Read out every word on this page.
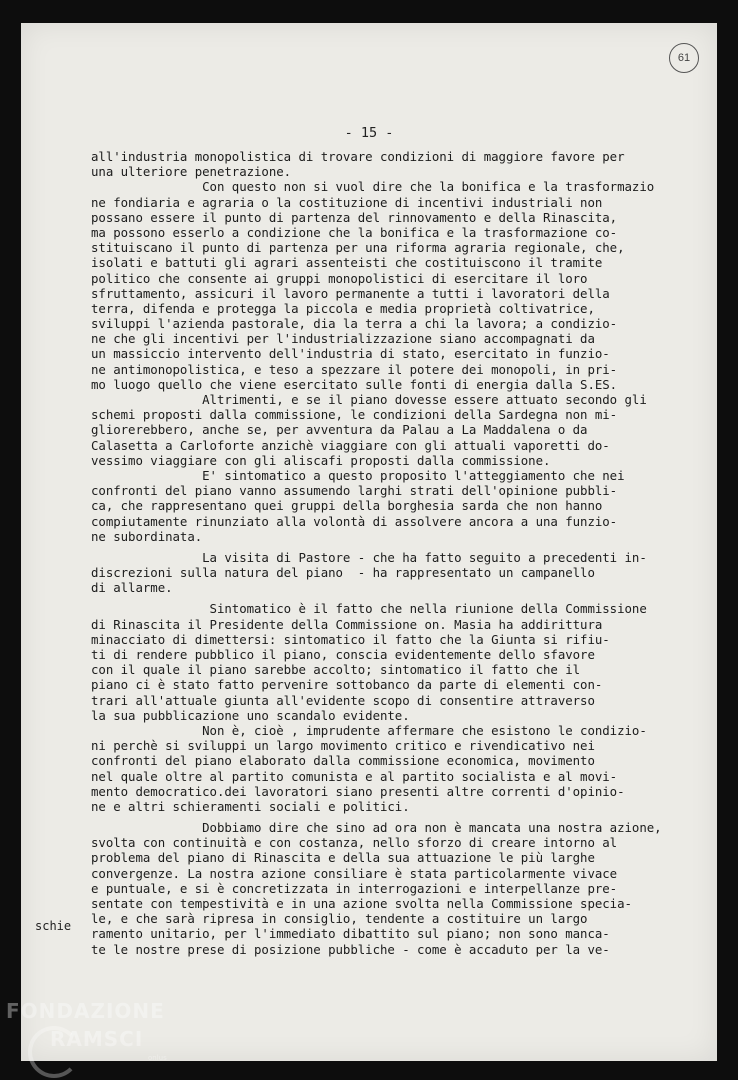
61
- 15 -
all'industria monopolistica di trovare condizioni di maggiore favore per
una ulteriore penetrazione.
Con questo non si vuol dire che la bonifica e la trasformazio
ne fondiaria e agraria o la costituzione di incentivi industriali non
possano essere il punto di partenza del rinnovamento e della Rinascita,
ma possono esserlo a condizione che la bonifica e la trasformazione co-
stituiscano il punto di partenza per una riforma agraria regionale, che,
isolati e battuti gli agrari assenteisti che costituiscono il tramite
politico che consente ai gruppi monopolistici di esercitare il loro
sfruttamento, assicuri il lavoro permanente a tutti i lavoratori della
terra, difenda e protegga la piccola e media proprietà coltivatrice,
sviluppi l'azienda pastorale, dia la terra a chi la lavora; a condizio-
ne che gli incentivi per l'industrializzazione siano accompagnati da
un massiccio intervento dell'industria di stato, esercitato in funzio-
ne antimonopolistica, e teso a spezzare il potere dei monopoli, in pri-
mo luogo quello che viene esercitato sulle fonti di energia dalla S.ES.
Altrimenti, e se il piano dovesse essere attuato secondo gli
schemi proposti dalla commissione, le condizioni della Sardegna non mi-
gliorerebbero, anche se, per avventura da Palau a La Maddalena o da
Calasetta a Carloforte anzichè viaggiare con gli attuali vaporetti do-
vessimo viaggiare con gli aliscafi proposti dalla commissione.
E' sintomatico a questo proposito l'atteggiamento che nei
confronti del piano vanno assumendo larghi strati dell'opinione pubbli-
ca, che rappresentano quei gruppi della borghesia sarda che non hanno
compiutamente rinunziato alla volontà di assolvere ancora a una funzio-
ne subordinata.
La visita di Pastore - che ha fatto seguito a precedenti in-
discrezioni sulla natura del piano  - ha rappresentato un campanello
di allarme.
Sintomatico è il fatto che nella riunione della Commissione
di Rinascita il Presidente della Commissione on. Masia ha addirittura
minacciato di dimettersi: sintomatico il fatto che la Giunta si rifiu-
ti di rendere pubblico il piano, conscia evidentemente dello sfavore
con il quale il piano sarebbe accolto; sintomatico il fatto che il
piano ci è stato fatto pervenire sottobanco da parte di elementi con-
trari all'attuale giunta all'evidente scopo di consentire attraverso
la sua pubblicazione uno scandalo evidente.
Non è, cioè , imprudente affermare che esistono le condizio-
ni perchè si sviluppi un largo movimento critico e rivendicativo nei
confronti del piano elaborato dalla commissione economica, movimento
nel quale oltre al partito comunista e al partito socialista e al movi-
mento democratico.dei lavoratori siano presenti altre correnti d'opinio-
ne e altri schieramenti sociali e politici.
Dobbiamo dire che sino ad ora non è mancata una nostra azione,
svolta con continuità e con costanza, nello sforzo di creare intorno al
problema del piano di Rinascita e della sua attuazione le più larghe
convergenze. La nostra azione consiliare è stata particolarmente vivace
e puntuale, e si è concretizzata in interrogazioni e interpellanze pre-
sentate con tempestività e in una azione svolta nella Commissione specia-
le, e che sarà ripresa in consiglio, tendente a costituire un largo
ramento unitario, per l'immediato dibattito sul piano; non sono manca-
te le nostre prese di posizione pubbliche - come è accaduto per la ve-
schie
FONDAZIONE
RAMSCI
onlus
